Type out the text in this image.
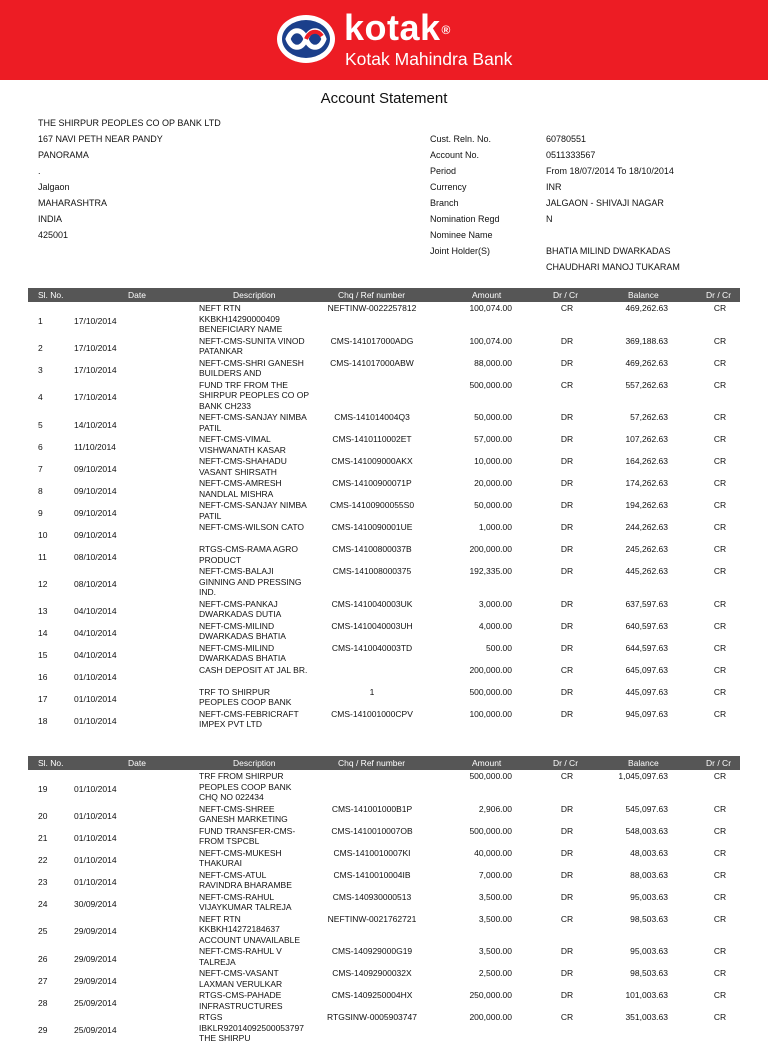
kotak®
Kotak Mahindra Bank
Account Statement
THE SHIRPUR PEOPLES CO OP BANK LTD
167 NAVI PETH NEAR PANDY
PANORAMA
.
Jalgaon
MAHARASHTRA
INDIA
425001
Cust. Reln. No.	60780551
Account No.	0511333567
Period	From 18/07/2014 To 18/10/2014
Currency	INR
Branch	JALGAON - SHIVAJI NAGAR
Nomination Regd	N
Nominee Name
Joint Holder(S)	BHATIA MILIND DWARKADAS
CHAUDHARI MANOJ TUKARAM
Sl. No.	Date	Description	Chq / Ref number	Amount	Dr / Cr	Balance	Dr / Cr
1	17/10/2014
NEFT RTN
KKBKH14290000409
BENEFICIARY NAME
NEFTINW-0022257812	100,074.00	CR	469,262.63	CR
2	17/10/2014
NEFT-CMS-SUNITA VINOD
PATANKAR
CMS-141017000ADG	100,074.00	DR	369,188.63	CR
3	17/10/2014
NEFT-CMS-SHRI GANESH
BUILDERS AND
CMS-141017000ABW	88,000.00	DR	469,262.63	CR
4	17/10/2014
FUND TRF FROM THE
SHIRPUR PEOPLES CO OP
BANK CH233
500,000.00	CR	557,262.63	CR
5	14/10/2014
NEFT-CMS-SANJAY NIMBA
PATIL
CMS-141014004Q3	50,000.00	DR	57,262.63	CR
6	11/10/2014
NEFT-CMS-VIMAL
VISHWANATH KASAR
CMS-1410110002ET	57,000.00	DR	107,262.63	CR
7	09/10/2014
NEFT-CMS-SHAHADU
VASANT SHIRSATH
CMS-141009000AKX	10,000.00	DR	164,262.63	CR
8	09/10/2014
NEFT-CMS-AMRESH
NANDLAL MISHRA
CMS-14100900071P	20,000.00	DR	174,262.63	CR
9	09/10/2014
NEFT-CMS-SANJAY NIMBA
PATIL
CMS-14100900055S0	50,000.00	DR	194,262.63	CR
10	09/10/2014
NEFT-CMS-WILSON CATO	CMS-1410090001UE	1,000.00	DR	244,262.63	CR
11	08/10/2014
RTGS-CMS-RAMA AGRO
PRODUCT
CMS-14100800037B	200,000.00	DR	245,262.63	CR
12	08/10/2014
NEFT-CMS-BALAJI
GINNING AND PRESSING
IND.
CMS-141008000375	192,335.00	DR	445,262.63	CR
13	04/10/2014
NEFT-CMS-PANKAJ
DWARKADAS DUTIA
CMS-1410040003UK	3,000.00	DR	637,597.63	CR
14	04/10/2014
NEFT-CMS-MILIND
DWARKADAS BHATIA
CMS-1410040003UH	4,000.00	DR	640,597.63	CR
15	04/10/2014
NEFT-CMS-MILIND
DWARKADAS BHATIA
CMS-1410040003TD	500.00	DR	644,597.63	CR
16	01/10/2014
CASH DEPOSIT AT JAL BR.	200,000.00	CR	645,097.63	CR
17	01/10/2014
TRF TO SHIRPUR
PEOPLES COOP BANK
1	500,000.00	DR	445,097.63	CR
18	01/10/2014
NEFT-CMS-FEBRICRAFT
IMPEX PVT LTD
CMS-141001000CPV	100,000.00	DR	945,097.63	CR
Sl. No.	Date	Description	Chq / Ref number	Amount	Dr / Cr	Balance	Dr / Cr
19	01/10/2014
TRF FROM SHIRPUR
PEOPLES COOP BANK
CHQ NO 022434
500,000.00	CR	1,045,097.63	CR
20	01/10/2014
NEFT-CMS-SHREE
GANESH MARKETING
CMS-141001000B1P	2,906.00	DR	545,097.63	CR
21	01/10/2014
FUND TRANSFER-CMS-
FROM TSPCBL
CMS-1410010007OB	500,000.00	DR	548,003.63	CR
22	01/10/2014
NEFT-CMS-MUKESH
THAKURAI
CMS-1410010007KI	40,000.00	DR	48,003.63	CR
23	01/10/2014
NEFT-CMS-ATUL
RAVINDRA BHARAMBE
CMS-1410010004IB	7,000.00	DR	88,003.63	CR
24	30/09/2014
NEFT-CMS-RAHUL
VIJAYKUMAR TALREJA
CMS-140930000513	3,500.00	DR	95,003.63	CR
25	29/09/2014
NEFT RTN
KKBKH14272184637
ACCOUNT UNAVAILABLE
NEFTINW-0021762721	3,500.00	CR	98,503.63	CR
26	29/09/2014
NEFT-CMS-RAHUL V
TALREJA
CMS-140929000G19	3,500.00	DR	95,003.63	CR
27	29/09/2014
NEFT-CMS-VASANT
LAXMAN VERULKAR
CMS-14092900032X	2,500.00	DR	98,503.63	CR
28	25/09/2014
RTGS-CMS-PAHADE
INFRASTRUCTURES
CMS-1409250004HX	250,000.00	DR	101,003.63	CR
29	25/09/2014
RTGS
IBKLR92014092500053797
THE SHIRPU
RTGSINW-0005903747	200,000.00	CR	351,003.63	CR
